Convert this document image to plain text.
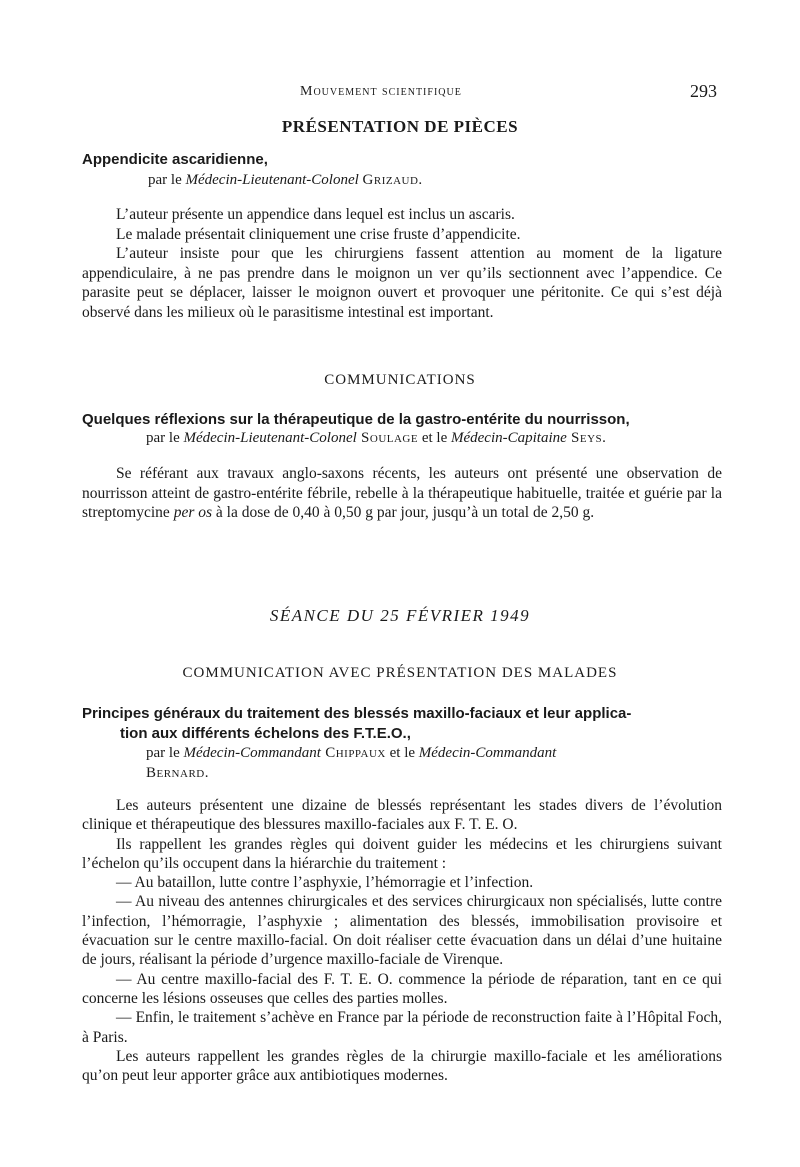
Mouvement scientifique	293
PRÉSENTATION DE PIÈCES
Appendicite ascaridienne,
par le Médecin-Lieutenant-Colonel Grizaud.

L’auteur présente un appendice dans lequel est inclus un ascaris.

Le malade présentait cliniquement une crise fruste d’appendicite.

L’auteur insiste pour que les chirurgiens fassent attention au moment de la ligature appendiculaire, à ne pas prendre dans le moignon un ver qu’ils sectionnent avec l’appendice. Ce parasite peut se déplacer, laisser le moignon ouvert et provoquer une péritonite. Ce qui s’est déjà observé dans les milieux où le parasitisme intestinal est important.

COMMUNICATIONS
Quelques réflexions sur la thérapeutique de la gastro-entérite du nourrisson,
par le Médecin-Lieutenant-Colonel Soulage et le Médecin-Capitaine Seys.

Se référant aux travaux anglo-saxons récents, les auteurs ont présenté une observation de nourrisson atteint de gastro-entérite fébrile, rebelle à la thérapeutique habituelle, traitée et guérie par la streptomycine per os à la dose de 0,40 à 0,50 g par jour, jusqu’à un total de 2,50 g.

SÉANCE DU 25 FÉVRIER 1949
COMMUNICATION AVEC PRÉSENTATION DES MALADES
Principes généraux du traitement des blessés maxillo-faciaux et leur applica-
tion aux différents échelons des F.T.E.O.,
par le Médecin-Commandant Chippaux et le Médecin-Commandant
Bernard.

Les auteurs présentent une dizaine de blessés représentant les stades divers de l’évolution clinique et thérapeutique des blessures maxillo-faciales aux F. T. E. O.

Ils rappellent les grandes règles qui doivent guider les médecins et les chirurgiens suivant l’échelon qu’ils occupent dans la hiérarchie du traitement :

— Au bataillon, lutte contre l’asphyxie, l’hémorragie et l’infection.

— Au niveau des antennes chirurgicales et des services chirurgicaux non spécialisés, lutte contre l’infection, l’hémorragie, l’asphyxie ; alimentation des blessés, immobilisation provisoire et évacuation sur le centre maxillo-facial. On doit réaliser cette évacuation dans un délai d’une huitaine de jours, réalisant la période d’urgence maxillo-faciale de Virenque.

— Au centre maxillo-facial des F. T. E. O. commence la période de réparation, tant en ce qui concerne les lésions osseuses que celles des parties molles.

— Enfin, le traitement s’achève en France par la période de reconstruction faite à l’Hôpital Foch, à Paris.

Les auteurs rappellent les grandes règles de la chirurgie maxillo-faciale et les améliorations qu’on peut leur apporter grâce aux antibiotiques modernes.
